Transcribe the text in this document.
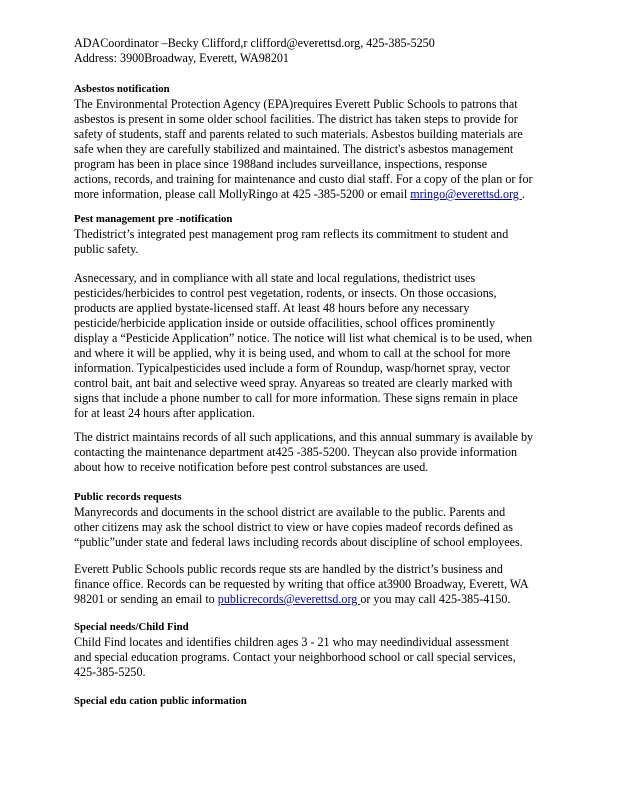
ADACoordinator –Becky Clifford,r clifford@everettsd.org, 425-385-5250
Address: 3900Broadway, Everett, WA98201
Asbestos notification
The Environmental Protection Agency (EPA)requires Everett Public Schools to patrons that
asbestos is present in some older school facilities. The district has taken steps to provide for
safety of students, staff and parents related to such materials. Asbestos building materials are
safe when they are carefully stabilized and maintained. The district's asbestos management
program has been in place since 1988and includes surveillance, inspections, response
actions, records, and training for maintenance and custo dial staff. For a copy of the plan or for
more information, please call MollyRingo at 425 -385-5200 or email mringo@everettsd.org .
Pest management pre -notification
Thedistrict’s integrated pest management prog ram reflects its commitment to student and
public safety.
Asnecessary, and in compliance with all state and local regulations, thedistrict uses
pesticides/herbicides to control pest vegetation, rodents, or insects. On those occasions,
products are applied bystate-licensed staff. At least 48 hours before any necessary
pesticide/herbicide application inside or outside offacilities, school offices prominently
display a “Pesticide Application” notice. The notice will list what chemical is to be used, when
and where it will be applied, why it is being used, and whom to call at the school for more
information. Typicalpesticides used include a form of Roundup, wasp/hornet spray, vector
control bait, ant bait and selective weed spray. Anyareas so treated are clearly marked with
signs that include a phone number to call for more information. These signs remain in place
for at least 24 hours after application.
The district maintains records of all such applications, and this annual summary is available by
contacting the maintenance department at425 -385-5200. Theycan also provide information
about how to receive notification before pest control substances are used.
Public records requests
Manyrecords and documents in the school district are available to the public. Parents and
other citizens may ask the school district to view or have copies madeof records defined as
“public”under state and federal laws including records about discipline of school employees.
Everett Public Schools public records reque sts are handled by the district’s business and
finance office. Records can be requested by writing that office at3900 Broadway, Everett, WA
98201 or sending an email to publicrecords@everettsd.org or you may call 425-385-4150.
Special needs/Child Find
Child Find locates and identifies children ages 3 - 21 who may needindividual assessment
and special education programs. Contact your neighborhood school or call special services,
425-385-5250.
Special edu cation public information
